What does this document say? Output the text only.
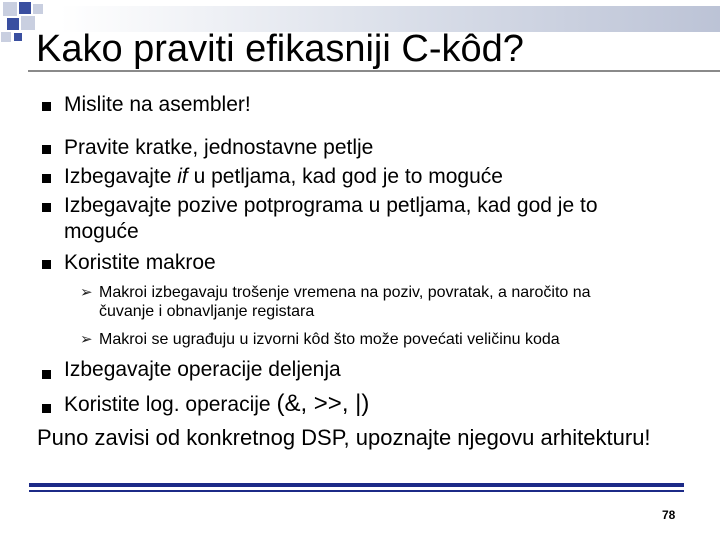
Kako praviti efikasniji C-kôd?
Mislite na asembler!
Pravite kratke, jednostavne petlje
Izbegavajte if u petljama, kad god je to moguće
Izbegavajte pozive potprograma u petljama, kad god je to
moguće
Koristite makroe
➢ Makroi izbegavaju trošenje vremena na poziv, povratak, a naročito na
čuvanje i obnavljanje registara
➢ Makroi se ugrađuju u izvorni kôd što može povećati veličinu koda
Izbegavajte operacije deljenja
Koristite log. operacije (&, >>, |)
Puno zavisi od konkretnog DSP, upoznajte njegovu arhitekturu!
78
